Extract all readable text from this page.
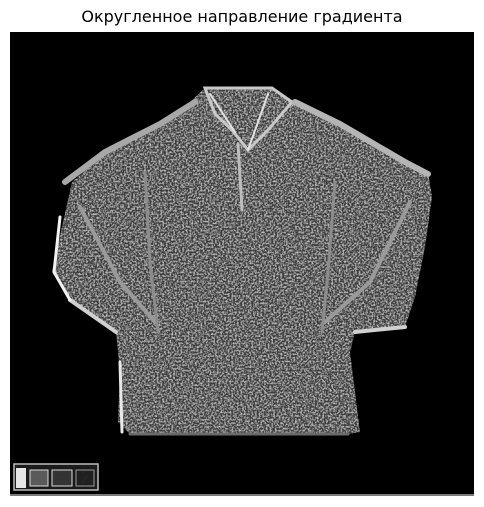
Округленное направление градиента
